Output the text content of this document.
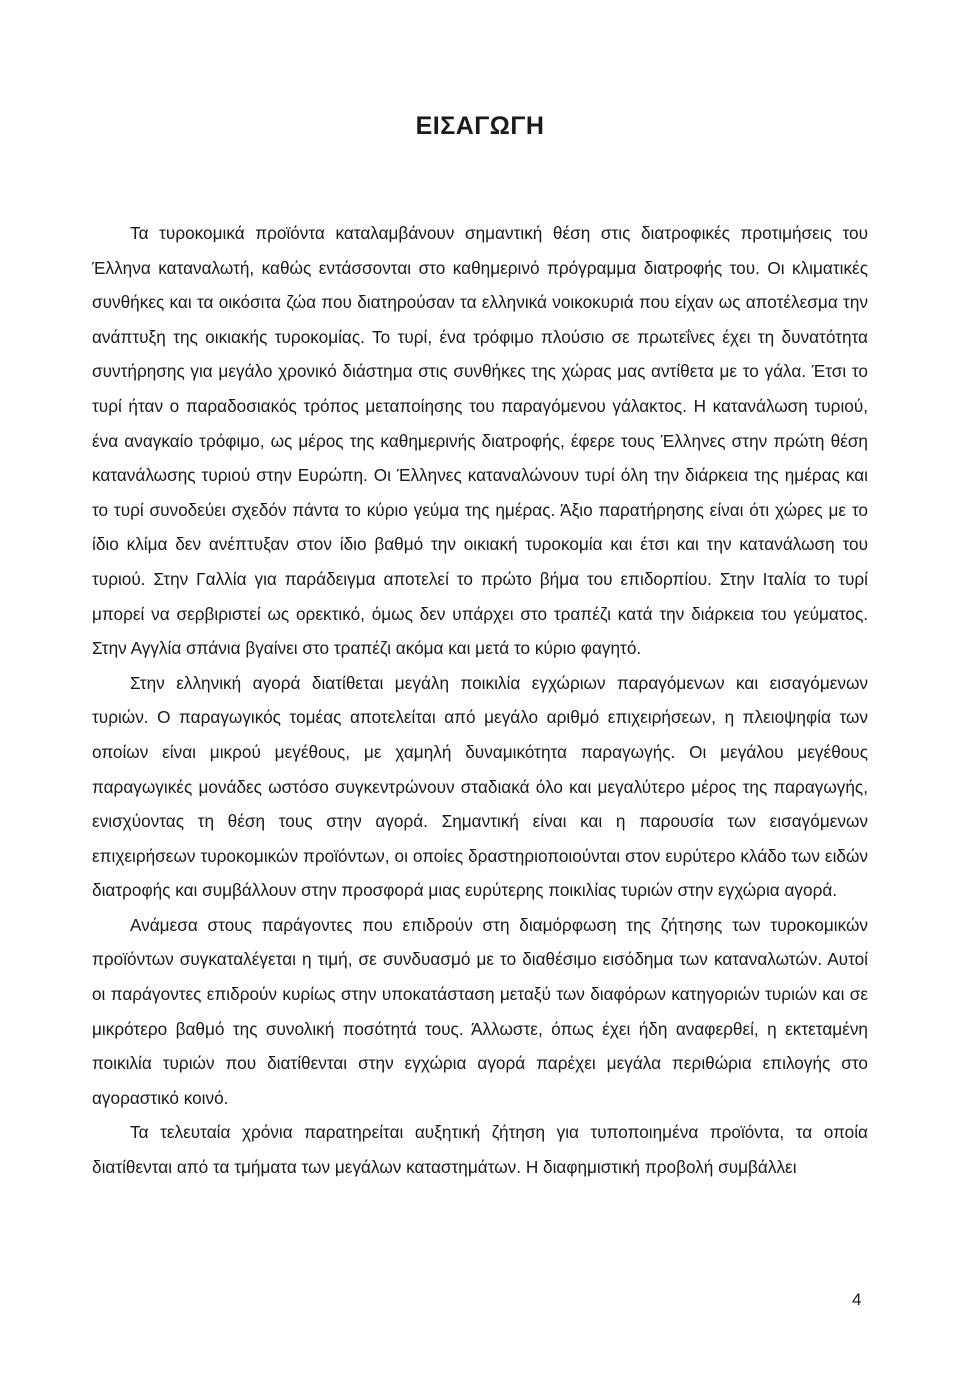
ΕΙΣΑΓΩΓΗ

Τα τυροκομικά προϊόντα καταλαμβάνουν σημαντική θέση στις διατροφικές προτιμήσεις του Έλληνα καταναλωτή, καθώς εντάσσονται στο καθημερινό πρόγραμμα διατροφής του. Οι κλιματικές συνθήκες και τα οικόσιτα ζώα που διατηρούσαν τα ελληνικά νοικοκυριά που είχαν ως αποτέλεσμα την ανάπτυξη της οικιακής τυροκομίας. Το τυρί, ένα τρόφιμο πλούσιο σε πρωτεΐνες έχει τη δυνατότητα συντήρησης για μεγάλο χρονικό διάστημα στις συνθήκες της χώρας μας αντίθετα με το γάλα. Έτσι το τυρί ήταν ο παραδοσιακός τρόπος μεταποίησης του παραγόμενου γάλακτος. Η κατανάλωση τυριού, ένα αναγκαίο τρόφιμο, ως μέρος της καθημερινής διατροφής, έφερε τους Έλληνες στην πρώτη θέση κατανάλωσης τυριού στην Ευρώπη. Οι Έλληνες καταναλώνουν τυρί όλη την διάρκεια της ημέρας και το τυρί συνοδεύει σχεδόν πάντα το κύριο γεύμα της ημέρας. Άξιο παρατήρησης είναι ότι χώρες με το ίδιο κλίμα δεν ανέπτυξαν στον ίδιο βαθμό την οικιακή τυροκομία και έτσι και την κατανάλωση του τυριού. Στην Γαλλία για παράδειγμα αποτελεί το πρώτο βήμα του επιδορπίου. Στην Ιταλία το τυρί μπορεί να σερβιριστεί ως ορεκτικό, όμως δεν υπάρχει στο τραπέζι κατά την διάρκεια του γεύματος. Στην Αγγλία σπάνια βγαίνει στο τραπέζι ακόμα και μετά το κύριο φαγητό.

Στην ελληνική αγορά διατίθεται μεγάλη ποικιλία εγχώριων παραγόμενων και εισαγόμενων τυριών. Ο παραγωγικός τομέας αποτελείται από μεγάλο αριθμό επιχειρήσεων, η πλειοψηφία των οποίων είναι μικρού μεγέθους, με χαμηλή δυναμικότητα παραγωγής. Οι μεγάλου μεγέθους παραγωγικές μονάδες ωστόσο συγκεντρώνουν σταδιακά όλο και μεγαλύτερο μέρος της παραγωγής, ενισχύοντας τη θέση τους στην αγορά. Σημαντική είναι και η παρουσία των εισαγόμενων επιχειρήσεων τυροκομικών προϊόντων, οι οποίες δραστηριοποιούνται στον ευρύτερο κλάδο των ειδών διατροφής και συμβάλλουν στην προσφορά μιας ευρύτερης ποικιλίας τυριών στην εγχώρια αγορά.

Ανάμεσα στους παράγοντες που επιδρούν στη διαμόρφωση της ζήτησης των τυροκομικών προϊόντων συγκαταλέγεται η τιμή, σε συνδυασμό με το διαθέσιμο εισόδημα των καταναλωτών. Αυτοί οι παράγοντες επιδρούν κυρίως στην υποκατάσταση μεταξύ των διαφόρων κατηγοριών τυριών και σε μικρότερο βαθμό της συνολική ποσότητά τους. Άλλωστε, όπως έχει ήδη αναφερθεί, η εκτεταμένη ποικιλία τυριών που διατίθενται στην εγχώρια αγορά παρέχει μεγάλα περιθώρια επιλογής στο αγοραστικό κοινό.

Τα τελευταία χρόνια παρατηρείται αυξητική ζήτηση για τυποποιημένα προϊόντα, τα οποία διατίθενται από τα τμήματα των μεγάλων καταστημάτων. Η διαφημιστική προβολή συμβάλλει

4
